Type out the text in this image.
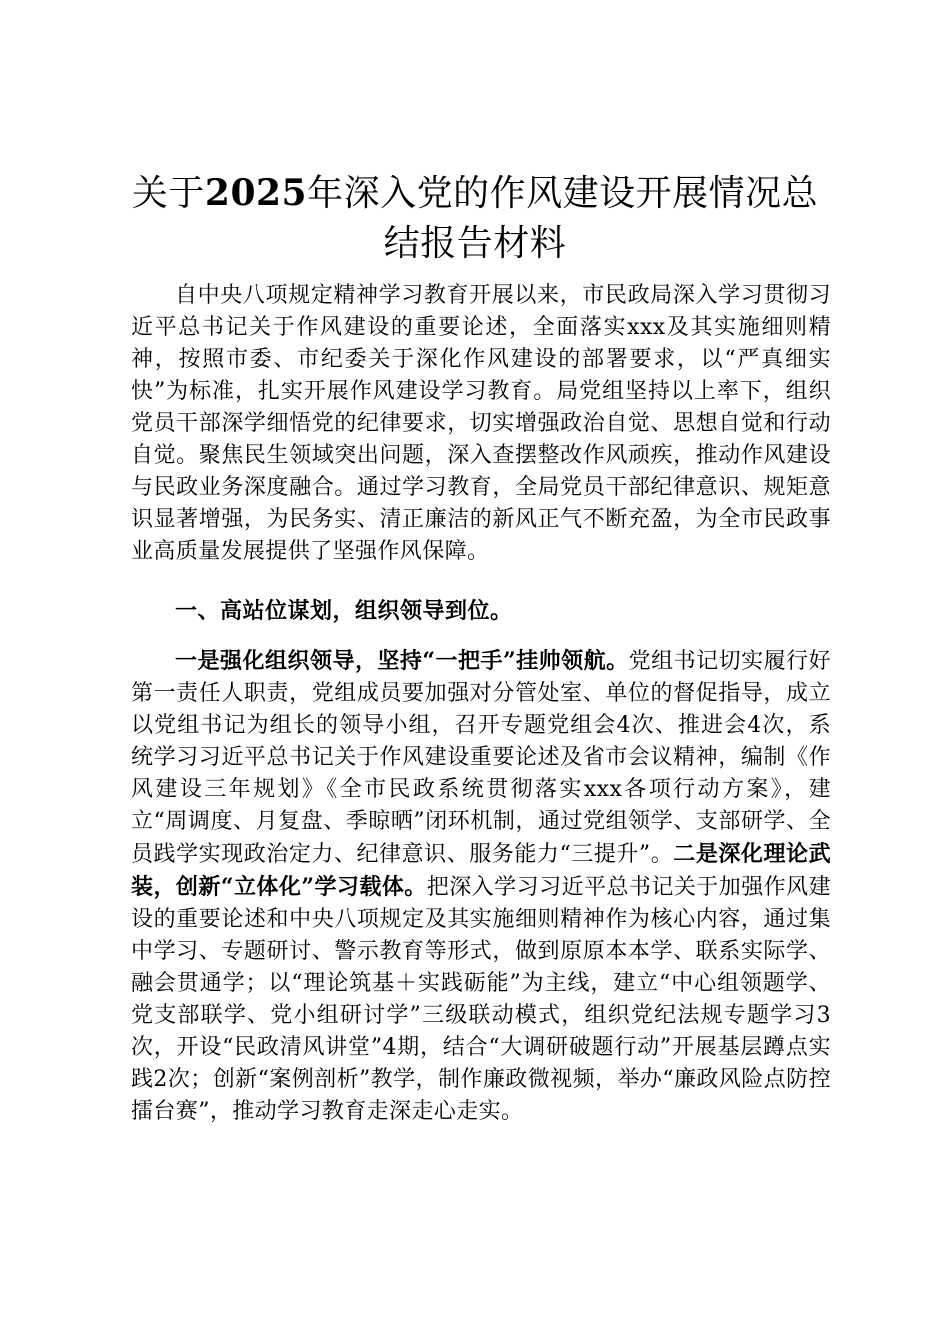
关于2025年深入党的作风建设开展情况总结报告材料

自中央八项规定精神学习教育开展以来，市民政局深入学习贯彻习近平总书记关于作风建设的重要论述，全面落实xxx及其实施细则精神，按照市委、市纪委关于深化作风建设的部署要求，以“严真细实快”为标准，扎实开展作风建设学习教育。局党组坚持以上率下，组织党员干部深学细悟党的纪律要求，切实增强政治自觉、思想自觉和行动自觉。聚焦民生领域突出问题，深入查摆整改作风顽疾，推动作风建设与民政业务深度融合。通过学习教育，全局党员干部纪律意识、规矩意识显著增强，为民务实、清正廉洁的新风正气不断充盈，为全市民政事业高质量发展提供了坚强作风保障。

一、高站位谋划，组织领导到位。

一是强化组织领导，坚持“一把手”挂帅领航。党组书记切实履行好第一责任人职责，党组成员要加强对分管处室、单位的督促指导，成立以党组书记为组长的领导小组，召开专题党组会4次、推进会4次，系统学习习近平总书记关于作风建设重要论述及省市会议精神，编制《作风建设三年规划》《全市民政系统贯彻落实xxx各项行动方案》，建立“周调度、月复盘、季晾晒”闭环机制，通过党组领学、支部研学、全员践学实现政治定力、纪律意识、服务能力“三提升”。二是深化理论武装，创新“立体化”学习载体。把深入学习习近平总书记关于加强作风建设的重要论述和中央八项规定及其实施细则精神作为核心内容，通过集中学习、专题研讨、警示教育等形式，做到原原本本学、联系实际学、融会贯通学；以“理论筑基＋实践砺能”为主线，建立“中心组领题学、党支部联学、党小组研讨学”三级联动模式，组织党纪法规专题学习3次，开设“民政清风讲堂”4期，结合“大调研破题行动”开展基层蹲点实践2次；创新“案例剖析”教学，制作廉政微视频，举办“廉政风险点防控擂台赛”，推动学习教育走深走心走实。
